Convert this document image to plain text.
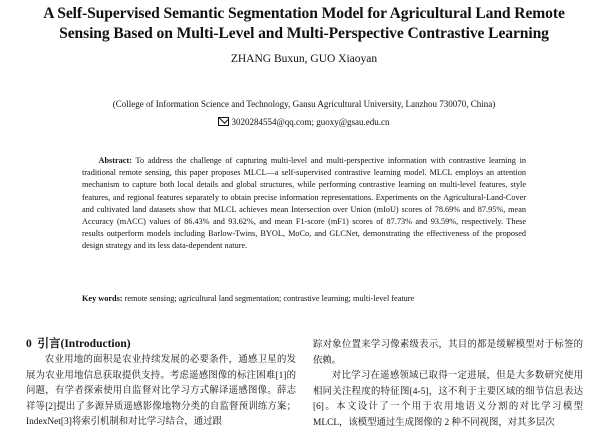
A Self-Supervised Semantic Segmentation Model for Agricultural Land Remote
Sensing Based on Multi-Level and Multi-Perspective Contrastive Learning
ZHANG Buxun, GUO Xiaoyan
(College of Information Science and Technology, Gansu Agricultural University, Lanzhou 730070, China)
3020284554@qq.com; guoxy@gsau.edu.cn

Abstract: To address the challenge of capturing multi-level and multi-perspective information with contrastive learning in traditional remote sensing, this paper proposes MLCL—a self-supervised contrastive learning model. MLCL employs an attention mechanism to capture both local details and global structures, while performing contrastive learning on multi-level features, style features, and regional features separately to obtain precise information representations. Experiments on the Agricultural-Land-Cover and cultivated land datasets show that MLCL achieves mean Intersection over Union (mIoU) scores of 78.69% and 87.95%, mean Accuracy (mACC) values of 86.43% and 93.62%, and mean F1-score (mF1) scores of 87.73% and 93.59%, respectively. These results outperform models including Barlow-Twins, BYOL, MoCo, and GLCNet, demonstrating the effectiveness of the proposed design strategy and its less data-dependent nature.

Key words: remote sensing; agricultural land segmentation; contrastive learning; multi-level feature
0 引言(Introduction)

农业用地的面积是农业持续发展的必要条件，通感卫星的发展为农业用地信息获取提供支持。考虑遥感图像的标注困难[1]的问题，有学者探索使用自监督对比学习方式解译遥感图像。薛志祥等[2]提出了多源异质遥感影像地物分类的自监督预训练方案；IndexNet[3]将索引机制和对比学习结合，通过跟

踪对象位置来学习像素级表示，其目的都是缓解模型对于标签的依赖。

对比学习在遥感领域已取得一定进展，但是大多数研究使用相同关注程度的特征图[4-5]，这不利于主要区域的细节信息表达[6]。本文设计了一个用于农用地语义分割的对比学习模型 MLCL，该模型通过生成图像的 2 种不同视图，对其多层次
